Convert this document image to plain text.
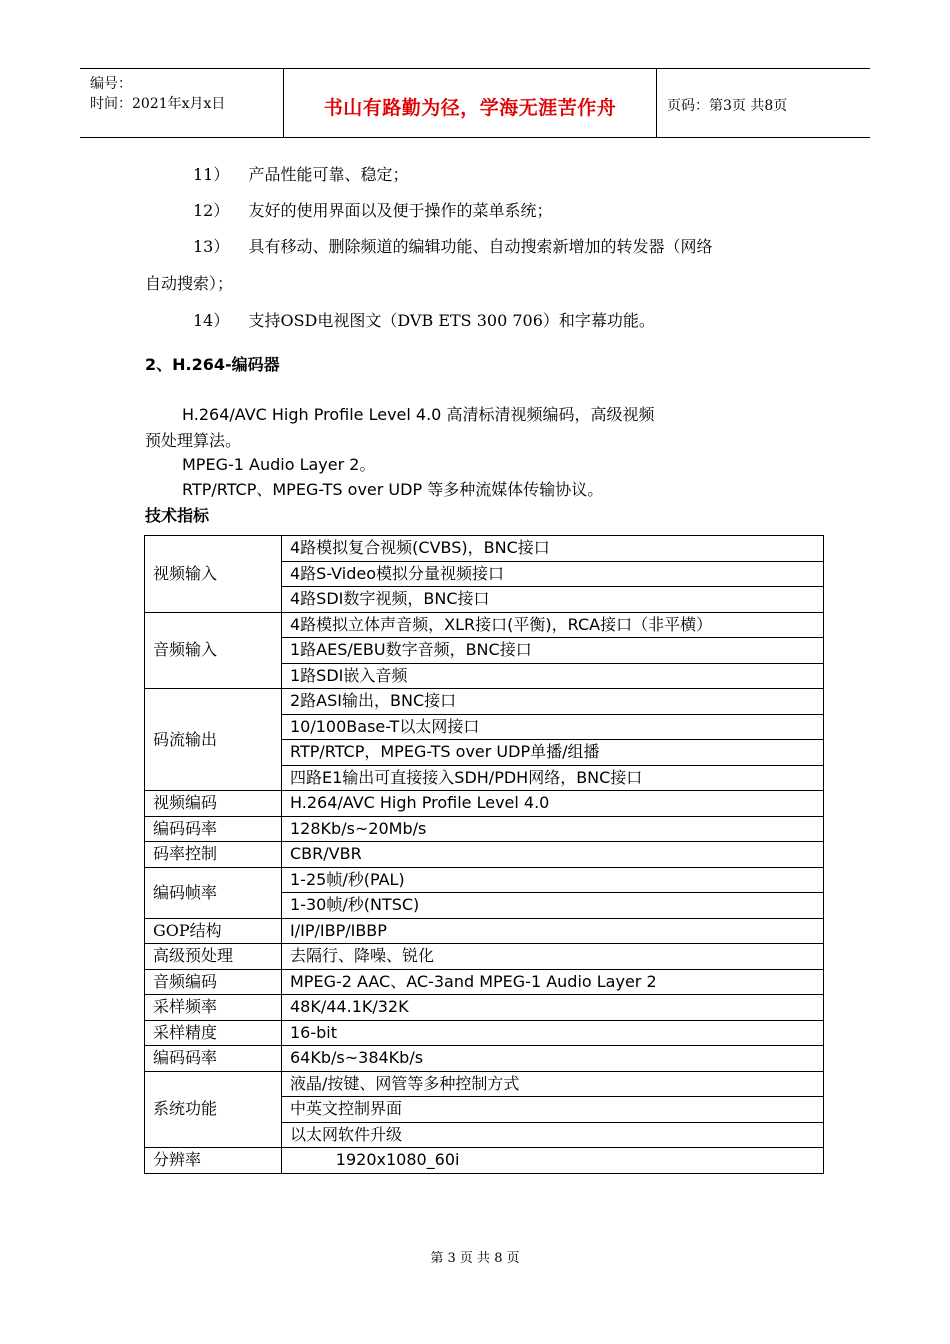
编号：
时间：2021年x月x日	书山有路勤为径，学海无涯苦作舟	页码：第3页 共8页
11） 产品性能可靠、稳定；
12） 友好的使用界面以及便于操作的菜单系统；
13） 具有移动、删除频道的编辑功能、自动搜索新增加的转发器（网络
自动搜索）；
14） 支持OSD电视图文（DVB ETS 300 706）和字幕功能。
2、H.264-编码器
H.264/AVC High Profile Level 4.0 高清标清视频编码，高级视频
预处理算法。
MPEG-1 Audio Layer 2。
RTP/RTCP、MPEG-TS over UDP 等多种流媒体传输协议。
技术指标
视频输入	4路模拟复合视频(CVBS)，BNC接口
	4路S-Video模拟分量视频接口
	4路SDI数字视频，BNC接口
音频输入	4路模拟立体声音频，XLR接口(平衡)，RCA接口（非平横）
	1路AES/EBU数字音频，BNC接口
	1路SDI嵌入音频
码流输出	2路ASI输出，BNC接口
	10/100Base-T以太网接口
	RTP/RTCP，MPEG-TS over UDP单播/组播
	四路E1输出可直接接入SDH/PDH网络，BNC接口
视频编码	H.264/AVC High Profile Level 4.0
编码码率	128Kb/s~20Mb/s
码率控制	CBR/VBR
编码帧率	1-25帧/秒(PAL)
	1-30帧/秒(NTSC)
GOP结构	I/IP/IBP/IBBP
高级预处理	去隔行、降噪、锐化
音频编码	MPEG-2 AAC、AC-3and MPEG-1 Audio Layer 2
采样频率	48K/44.1K/32K
采样精度	16-bit
编码码率	64Kb/s~384Kb/s
系统功能	液晶/按键、网管等多种控制方式
	中英文控制界面
	以太网软件升级
分辨率	1920x1080_60i
第 3 页 共 8 页
